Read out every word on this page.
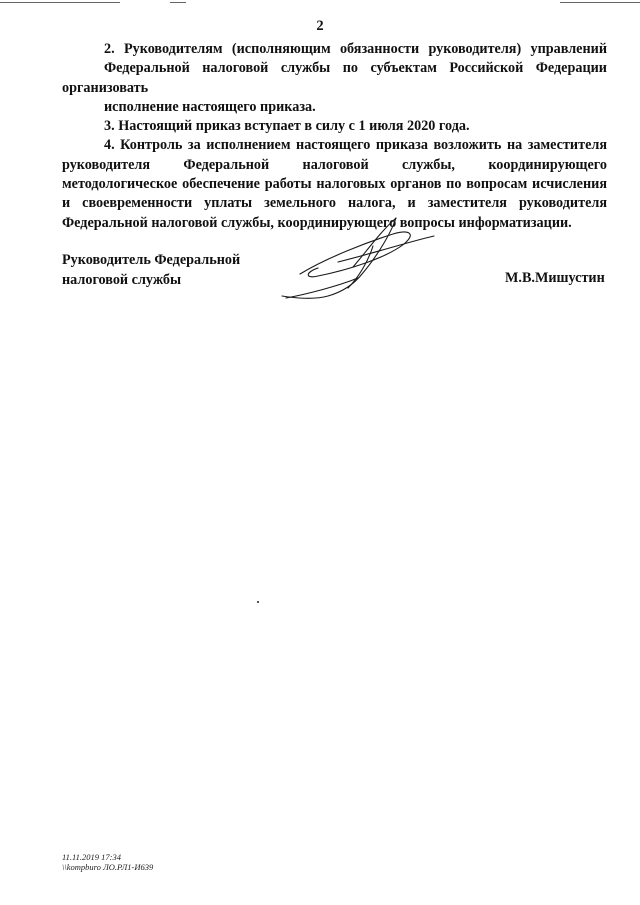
2

2. Руководителям (исполняющим обязанности руководителя) управлений
Федеральной налоговой службы по субъектам Российской Федерации организовать
исполнение настоящего приказа.

3. Настоящий приказ вступает в силу с 1 июля 2020 года.

4. Контроль за исполнением настоящего приказа возложить на заместителя
руководителя Федеральной налоговой службы, координирующего
методологическое обеспечение работы налоговых органов по вопросам исчисления
и своевременности уплаты земельного налога, и заместителя руководителя
Федеральной налоговой службы, координирующего вопросы информатизации.

Руководитель Федеральной
налоговой службы	М.В.Мишустин
11.11.2019 17:34
\\kompburo ЛО.РЛ1-И639
